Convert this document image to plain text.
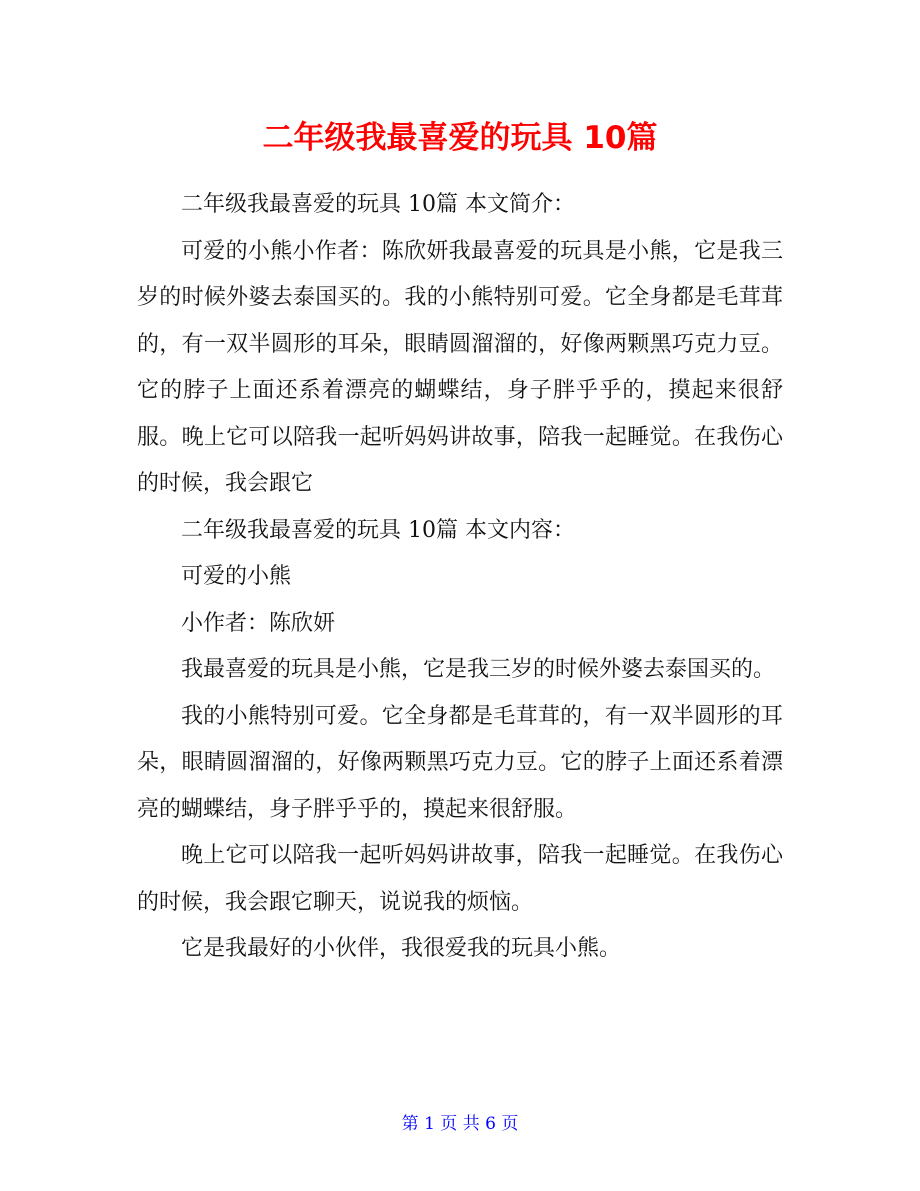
二年级我最喜爱的玩具 10篇

二年级我最喜爱的玩具 10篇 本文简介：

可爱的小熊小作者：陈欣妍我最喜爱的玩具是小熊，它是我三岁的时候外婆去泰国买的。我的小熊特别可爱。它全身都是毛茸茸的，有一双半圆形的耳朵，眼睛圆溜溜的，好像两颗黑巧克力豆。它的脖子上面还系着漂亮的蝴蝶结，身子胖乎乎的，摸起来很舒服。晚上它可以陪我一起听妈妈讲故事，陪我一起睡觉。在我伤心的时候，我会跟它

二年级我最喜爱的玩具 10篇 本文内容：

可爱的小熊

小作者：陈欣妍

我最喜爱的玩具是小熊，它是我三岁的时候外婆去泰国买的。

我的小熊特别可爱。它全身都是毛茸茸的，有一双半圆形的耳朵，眼睛圆溜溜的，好像两颗黑巧克力豆。它的脖子上面还系着漂亮的蝴蝶结，身子胖乎乎的，摸起来很舒服。

晚上它可以陪我一起听妈妈讲故事，陪我一起睡觉。在我伤心的时候，我会跟它聊天，说说我的烦恼。

它是我最好的小伙伴，我很爱我的玩具小熊。

第 1 页 共 6 页
